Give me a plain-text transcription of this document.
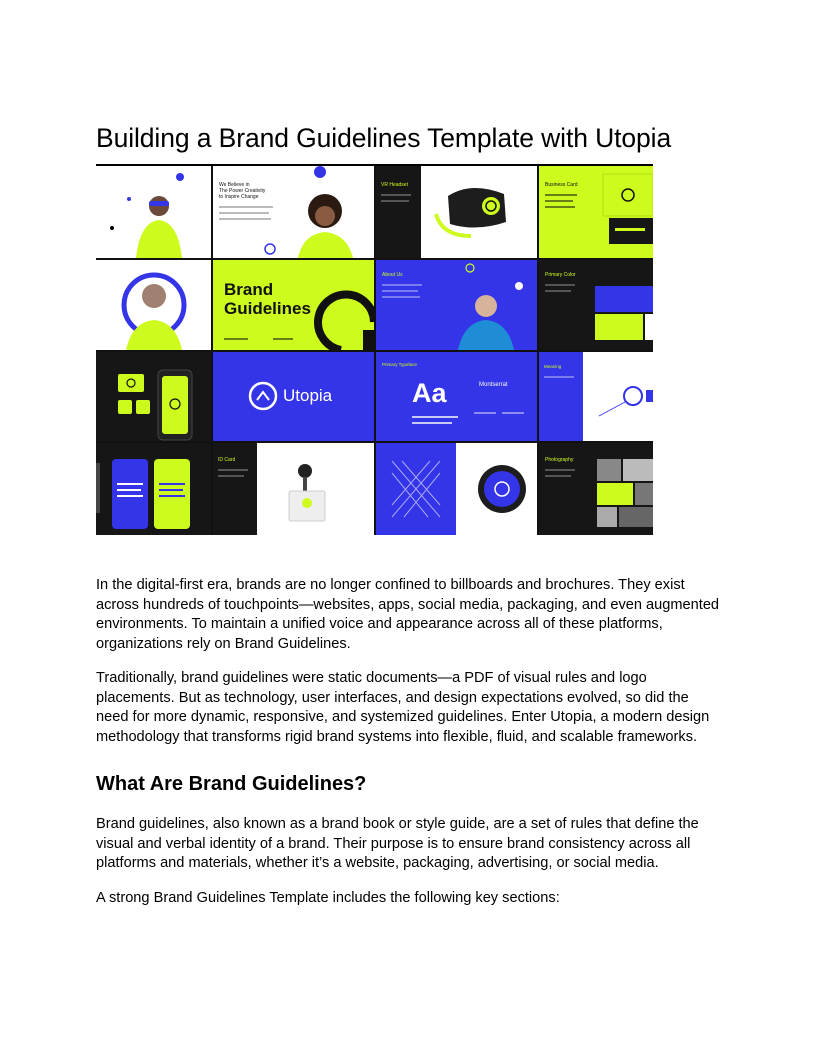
Building a Brand Guidelines Template with Utopia
We Believe in
The Power Creativity
to Inspire Change
VR Headset	Business Card
Brand Guidelines
About Us	Primary Color
Utopia	Aa	Montserrat
Primary Typeface	Meaning
ID Card	Photography

In the digital-first era, brands are no longer confined to billboards and brochures. They exist across hundreds of touchpoints—websites, apps, social media, packaging, and even augmented environments. To maintain a unified voice and appearance across all of these platforms, organizations rely on Brand Guidelines.

Traditionally, brand guidelines were static documents—a PDF of visual rules and logo placements. But as technology, user interfaces, and design expectations evolved, so did the need for more dynamic, responsive, and systemized guidelines. Enter Utopia, a modern design methodology that transforms rigid brand systems into flexible, fluid, and scalable frameworks.

What Are Brand Guidelines?

Brand guidelines, also known as a brand book or style guide, are a set of rules that define the visual and verbal identity of a brand. Their purpose is to ensure brand consistency across all platforms and materials, whether it’s a website, packaging, advertising, or social media.

A strong Brand Guidelines Template includes the following key sections:
